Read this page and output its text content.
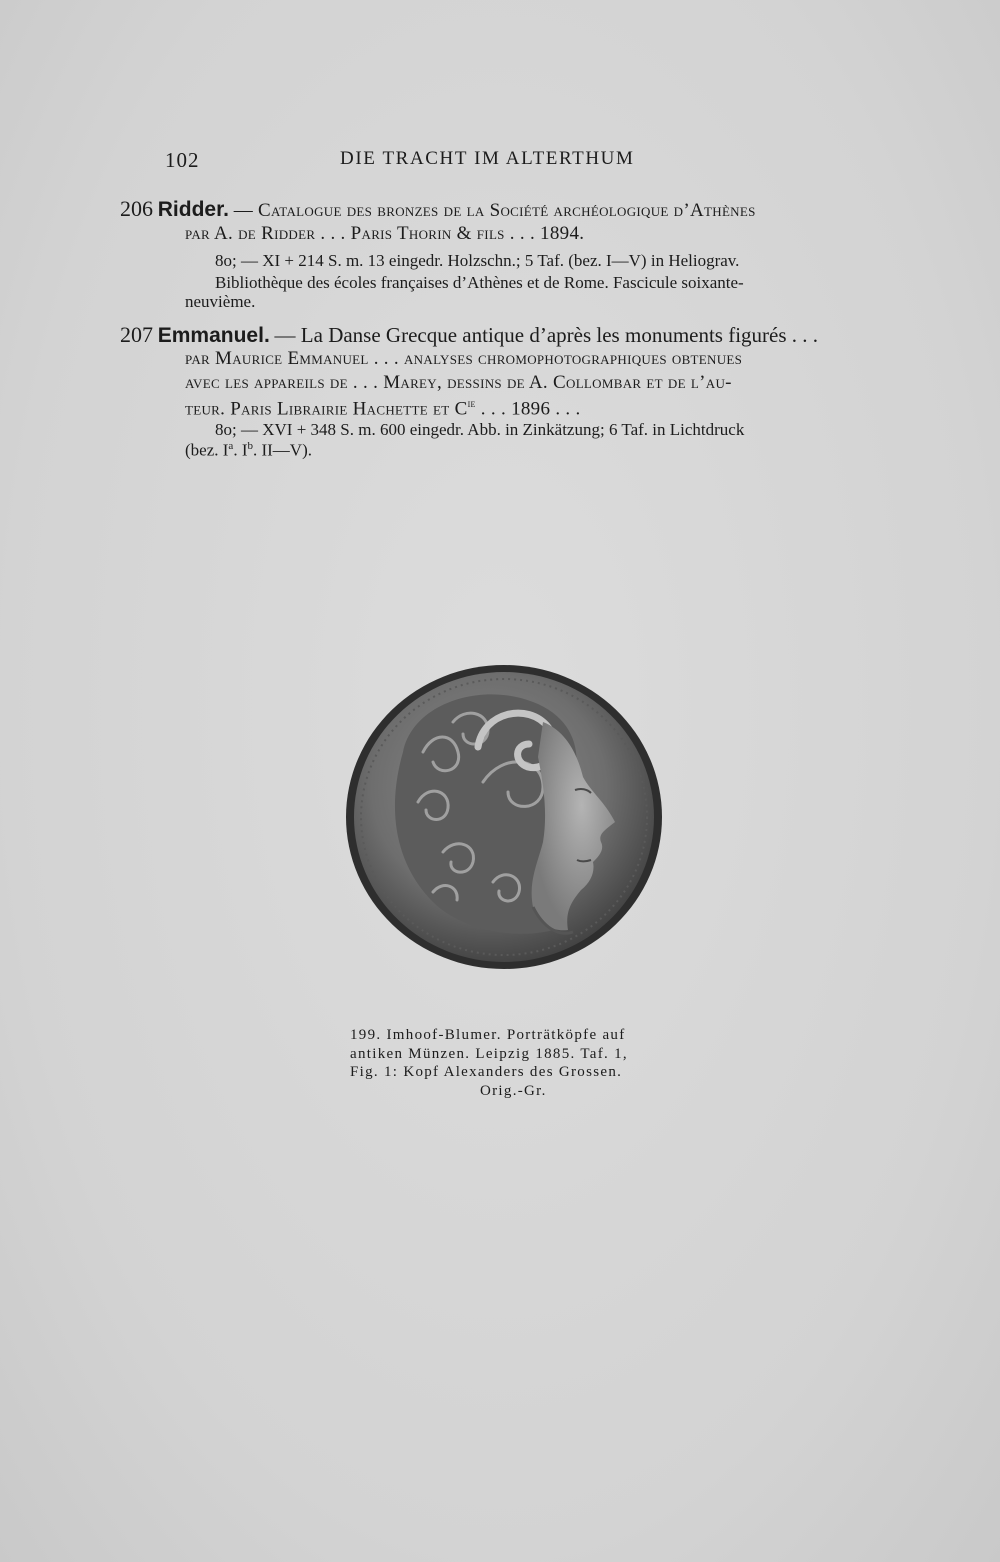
102	DIE TRACHT IM ALTERTHUM
206 Ridder. — Catalogue des bronzes de la Société archéologique d’Athènes
par A. de Ridder . . . Paris Thorin & fils . . . 1894.
8o; — XI + 214 S. m. 13 eingedr. Holzschn.; 5 Taf. (bez. I—V) in Heliograv.
Bibliothèque des écoles françaises d’Athènes et de Rome. Fascicule soixante-
neuvième.
207 Emmanuel. — La Danse Grecque antique d’après les monuments figurés . . .
par Maurice Emmanuel . . . analyses chromophotographiques obtenues
avec les appareils de . . . Marey, dessins de A. Collombar et de l’au-
teur. Paris Librairie Hachette et $C^{ie}$ . . . 1896 . . .
8o; — XVI + 348 S. m. 600 eingedr. Abb. in Zinkätzung; 6 Taf. in Lichtdruck
(bez. $I^a$. $I^b$. II—V).
199. Imhoof-Blumer. Porträtköpfe auf
antiken Münzen. Leipzig 1885. Taf. 1,
Fig. 1: Kopf Alexanders des Grossen.
Orig.-Gr.
